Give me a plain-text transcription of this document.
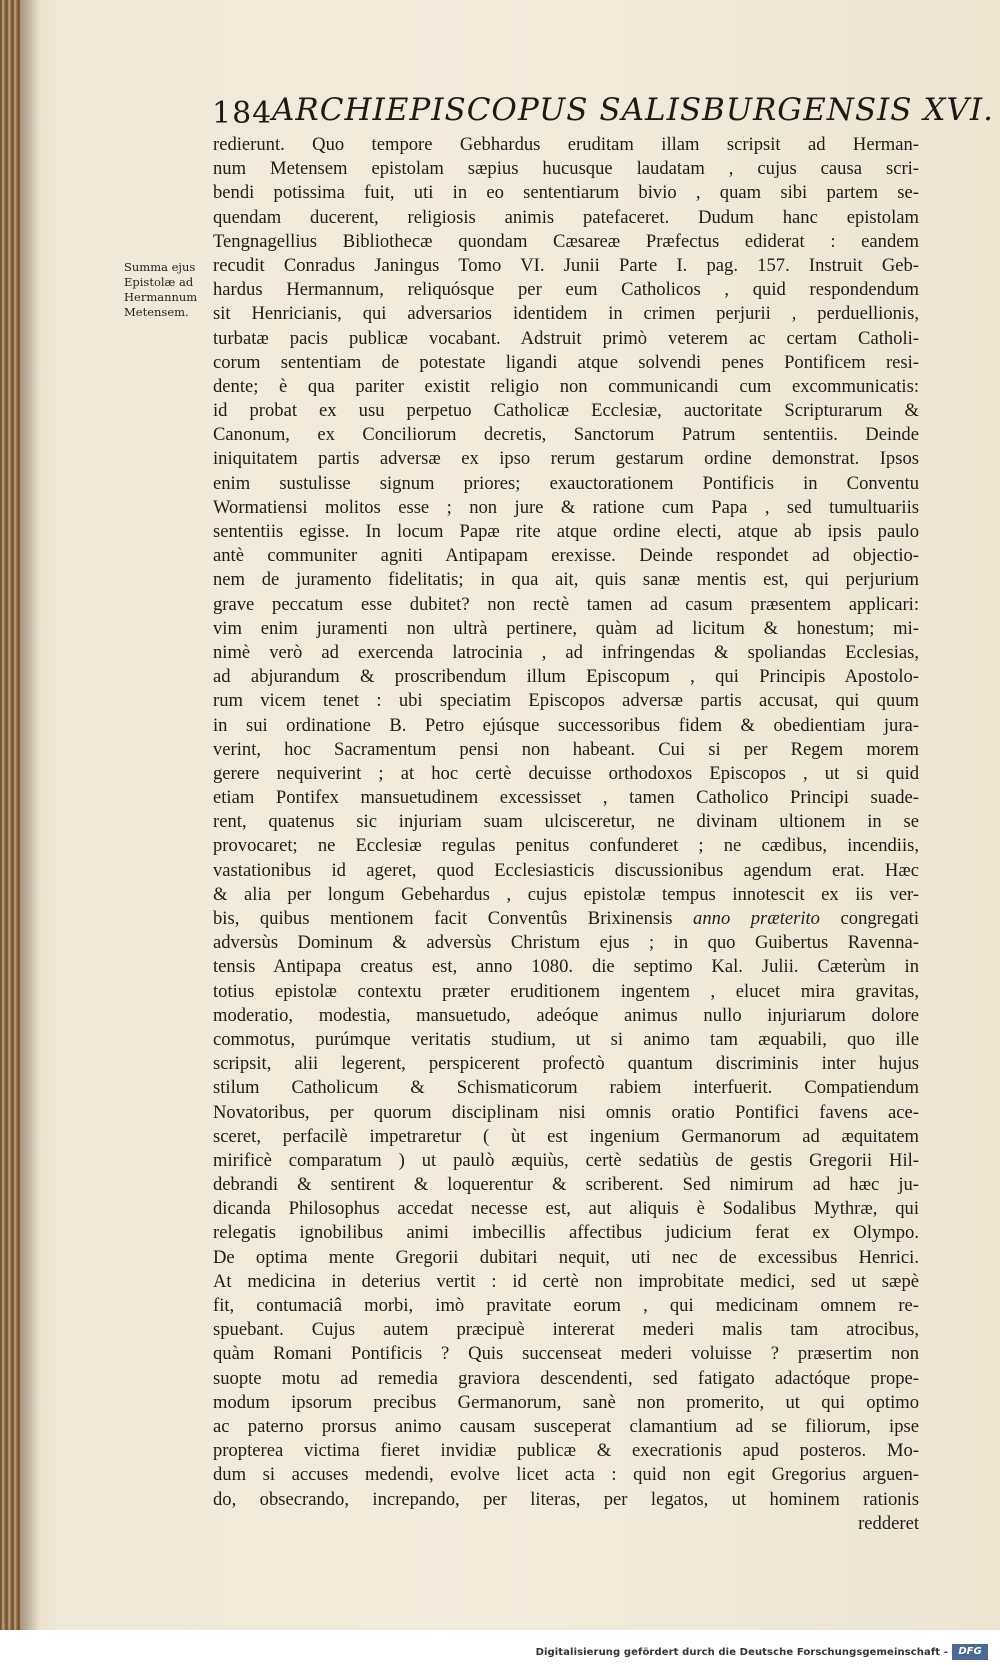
184 ARCHIEPISCOPUS SALISBURGENSIS XVI.
Summa ejus
Epistolæ ad
Hermannum
Metensem.
redierunt. Quo tempore Gebhardus eruditam illam scripsit ad Herman-
num Metensem epistolam sæpius hucusque laudatam , cujus causa scri-
bendi potissima fuit, uti in eo sententiarum bivio , quam sibi partem se-
quendam ducerent, religiosis animis patefaceret. Dudum hanc epistolam
Tengnagellius Bibliothecæ quondam Cæsareæ Præfectus ediderat : eandem
recudit Conradus Janingus Tomo VI. Junii Parte I. pag. 157. Instruit Geb-
hardus Hermannum, reliquósque per eum Catholicos , quid respondendum
sit Henricianis, qui adversarios identidem in crimen perjurii , perduellionis,
turbatæ pacis publicæ vocabant. Adstruit primò veterem ac certam Catholi-
corum sententiam de potestate ligandi atque solvendi penes Pontificem resi-
dente; è qua pariter existit religio non communicandi cum excommunicatis:
id probat ex usu perpetuo Catholicæ Ecclesiæ, auctoritate Scripturarum &
Canonum, ex Conciliorum decretis, Sanctorum Patrum sententiis. Deinde
iniquitatem partis adversæ ex ipso rerum gestarum ordine demonstrat. Ipsos
enim sustulisse signum priores; exauctorationem Pontificis in Conventu
Wormatiensi molitos esse ; non jure & ratione cum Papa , sed tumultuariis
sententiis egisse. In locum Papæ rite atque ordine electi, atque ab ipsis paulo
antè communiter agniti Antipapam erexisse. Deinde respondet ad objectio-
nem de juramento fidelitatis; in qua ait, quis sanæ mentis est, qui perjurium
grave peccatum esse dubitet? non rectè tamen ad casum præsentem applicari:
vim enim juramenti non ultrà pertinere, quàm ad licitum & honestum; mi-
nimè verò ad exercenda latrocinia , ad infringendas & spoliandas Ecclesias,
ad abjurandum & proscribendum illum Episcopum , qui Principis Apostolo-
rum vicem tenet : ubi speciatim Episcopos adversæ partis accusat, qui quum
in sui ordinatione B. Petro ejúsque successoribus fidem & obedientiam jura-
verint, hoc Sacramentum pensi non habeant. Cui si per Regem morem
gerere nequiverint ; at hoc certè decuisse orthodoxos Episcopos , ut si quid
etiam Pontifex mansuetudinem excessisset , tamen Catholico Principi suade-
rent, quatenus sic injuriam suam ulcisceretur, ne divinam ultionem in se
provocaret; ne Ecclesiæ regulas penitus confunderet ; ne cædibus, incendiis,
vastationibus id ageret, quod Ecclesiasticis discussionibus agendum erat. Hæc
& alia per longum Gebehardus , cujus epistolæ tempus innotescit ex iis ver-
bis, quibus mentionem facit Conventûs Brixinensis anno præterito congregati
adversùs Dominum & adversùs Christum ejus ; in quo Guibertus Ravenna-
tensis Antipapa creatus est, anno 1080. die septimo Kal. Julii. Cæterùm in
totius epistolæ contextu præter eruditionem ingentem , elucet mira gravitas,
moderatio, modestia, mansuetudo, adeóque animus nullo injuriarum dolore
commotus, purúmque veritatis studium, ut si animo tam æquabili, quo ille
scripsit, alii legerent, perspicerent profectò quantum discriminis inter hujus
stilum Catholicum & Schismaticorum rabiem interfuerit. Compatiendum
Novatoribus, per quorum disciplinam nisi omnis oratio Pontifici favens ace-
sceret, perfacilè impetraretur ( ùt est ingenium Germanorum ad æquitatem
mirificè comparatum ) ut paulò æquiùs, certè sedatiùs de gestis Gregorii Hil-
debrandi & sentirent & loquerentur & scriberent. Sed nimirum ad hæc ju-
dicanda Philosophus accedat necesse est, aut aliquis è Sodalibus Mythræ, qui
relegatis ignobilibus animi imbecillis affectibus judicium ferat ex Olympo.
De optima mente Gregorii dubitari nequit, uti nec de excessibus Henrici.
At medicina in deterius vertit : id certè non improbitate medici, sed ut sæpè
fit, contumaciâ morbi, imò pravitate eorum , qui medicinam omnem re-
spuebant. Cujus autem præcipuè intererat mederi malis tam atrocibus,
quàm Romani Pontificis ? Quis succenseat mederi voluisse ? præsertim non
suopte motu ad remedia graviora descendenti, sed fatigato adactóque prope-
modum ipsorum precibus Germanorum, sanè non promerito, ut qui optimo
ac paterno prorsus animo causam susceperat clamantium ad se filiorum, ipse
propterea victima fieret invidiæ publicæ & execrationis apud posteros. Mo-
dum si accuses medendi, evolve licet acta : quid non egit Gregorius arguen-
do, obsecrando, increpando, per literas, per legatos, ut hominem rationis
redderet
Digitalisierung gefördert durch die Deutsche Forschungsgemeinschaft -	DFG
